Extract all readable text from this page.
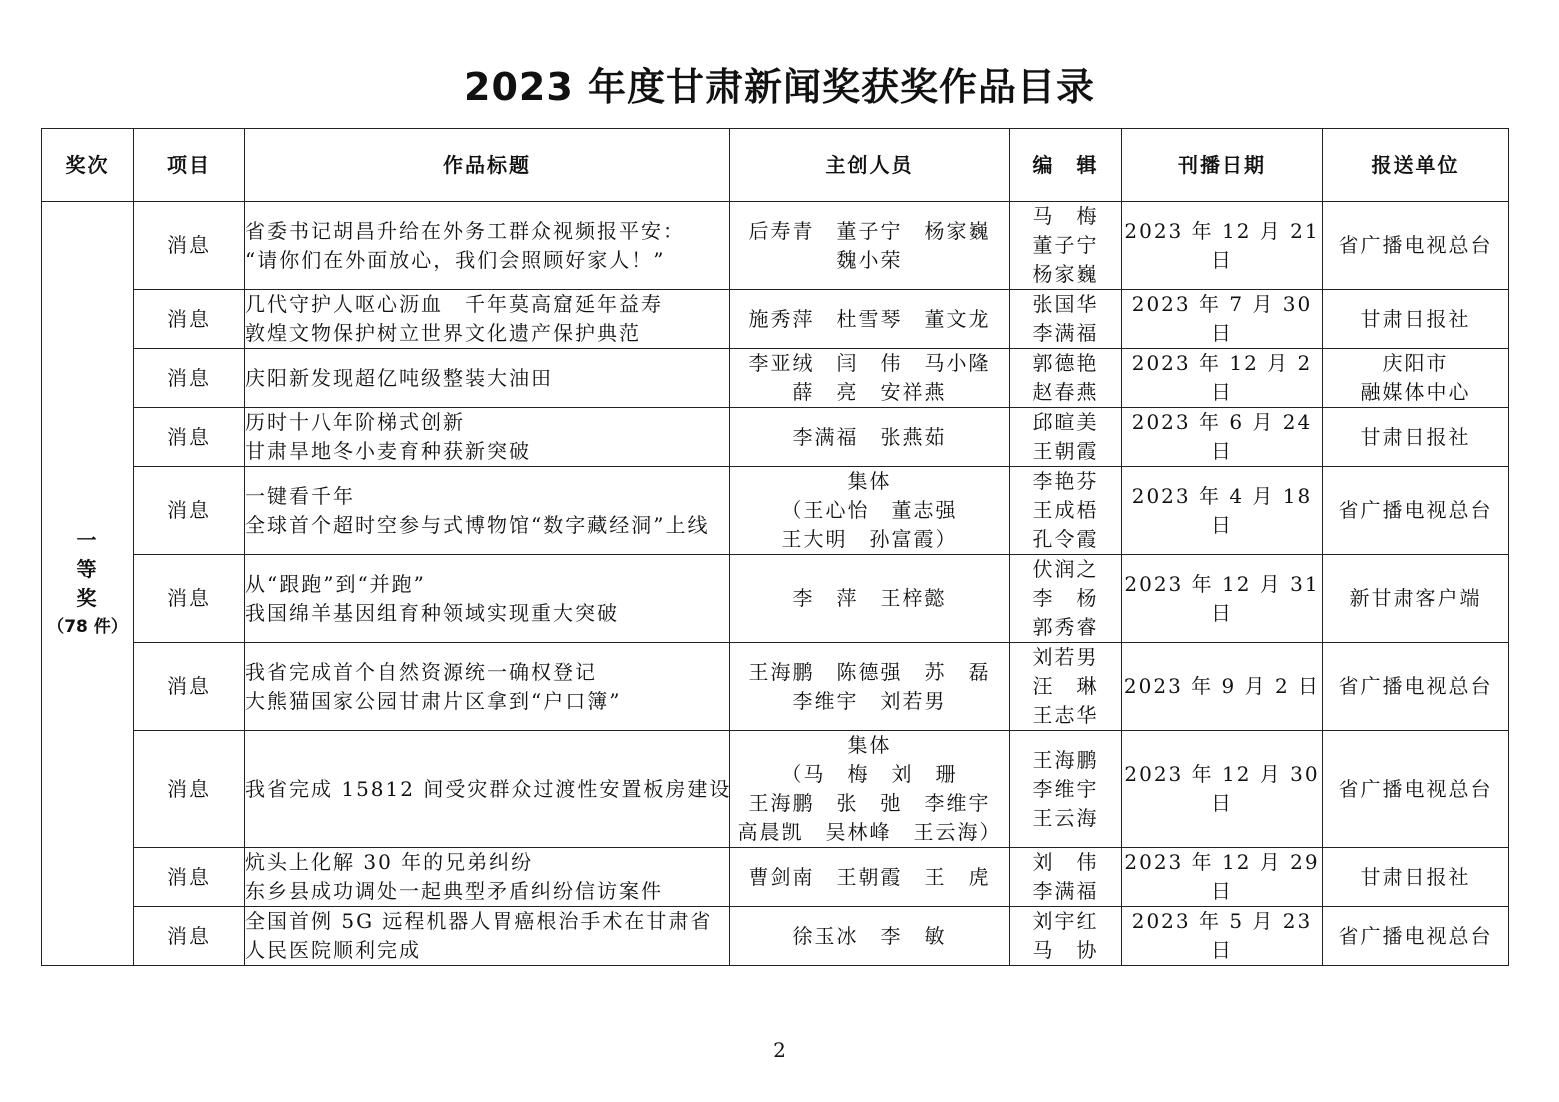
2023 年度甘肃新闻奖获奖作品目录
奖次	项目	作品标题	主创人员	编　辑	刊播日期	报送单位

一
等
奖
（78 件）	消息	省委书记胡昌升给在外务工群众视频报平安：
“请你们在外面放心，我们会照顾好家人！”	后寿青　董子宁　杨家巍
魏小荣	马　梅
董子宁
杨家巍	2023 年 12 月 21 日	省广播电视总台

	消息	几代守护人呕心沥血　千年莫高窟延年益寿
敦煌文物保护树立世界文化遗产保护典范	施秀萍　杜雪琴　董文龙	张国华
李满福	2023 年 7 月 30 日	甘肃日报社

	消息	庆阳新发现超亿吨级整装大油田	李亚绒　闫　伟　马小隆
薛　亮　安祥燕	郭德艳
赵春燕	2023 年 12 月 2 日	庆阳市
融媒体中心

	消息	历时十八年阶梯式创新
甘肃旱地冬小麦育种获新突破	李满福　张燕茹	邱暄美
王朝霞	2023 年 6 月 24 日	甘肃日报社

	消息	一键看千年
全球首个超时空参与式博物馆“数字藏经洞”上线	集体
（王心怡　董志强
王大明　孙富霞）	李艳芬
王成梧
孔令霞	2023 年 4 月 18 日	省广播电视总台

	消息	从“跟跑”到“并跑”
我国绵羊基因组育种领域实现重大突破	李　萍　王梓懿	伏润之
李　杨
郭秀睿	2023 年 12 月 31 日	新甘肃客户端

	消息	我省完成首个自然资源统一确权登记
大熊猫国家公园甘肃片区拿到“户口簿”	王海鹏　陈德强　苏　磊
李维宇　刘若男	刘若男
汪　琳
王志华	2023 年 9 月 2 日	省广播电视总台

	消息	我省完成 15812 间受灾群众过渡性安置板房建设	集体
（马　梅　刘　珊
王海鹏　张　弛　李维宇
高晨凯　吴林峰　王云海）	王海鹏
李维宇
王云海	2023 年 12 月 30 日	省广播电视总台

	消息	炕头上化解 30 年的兄弟纠纷
东乡县成功调处一起典型矛盾纠纷信访案件	曹剑南　王朝霞　王　虎	刘　伟
李满福	2023 年 12 月 29 日	甘肃日报社

	消息	全国首例 5G 远程机器人胃癌根治手术在甘肃省人民医院顺利完成	徐玉冰　李　敏	刘宇红
马　协	2023 年 5 月 23 日	省广播电视总台
2
